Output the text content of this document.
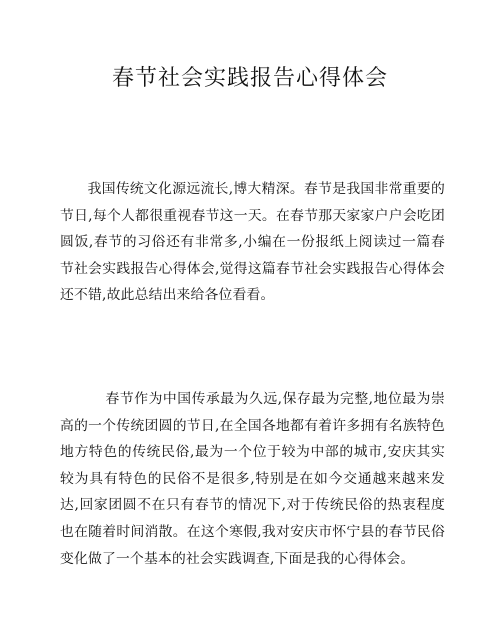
春节社会实践报告心得体会

我国传统文化源远流长,博大精深。春节是我国非常重要的节日,每个人都很重视春节这一天。在春节那天家家户户会吃团圆饭,春节的习俗还有非常多,小编在一份报纸上阅读过一篇春节社会实践报告心得体会,觉得这篇春节社会实践报告心得体会还不错,故此总结出来给各位看看。

春节作为中国传承最为久远,保存最为完整,地位最为崇高的一个传统团圆的节日,在全国各地都有着许多拥有名族特色地方特色的传统民俗,最为一个位于较为中部的城市,安庆其实较为具有特色的民俗不是很多,特别是在如今交通越来越来发达,回家团圆不在只有春节的情况下,对于传统民俗的热衷程度也在随着时间消散。在这个寒假,我对安庆市怀宁县的春节民俗变化做了一个基本的社会实践调查,下面是我的心得体会。
